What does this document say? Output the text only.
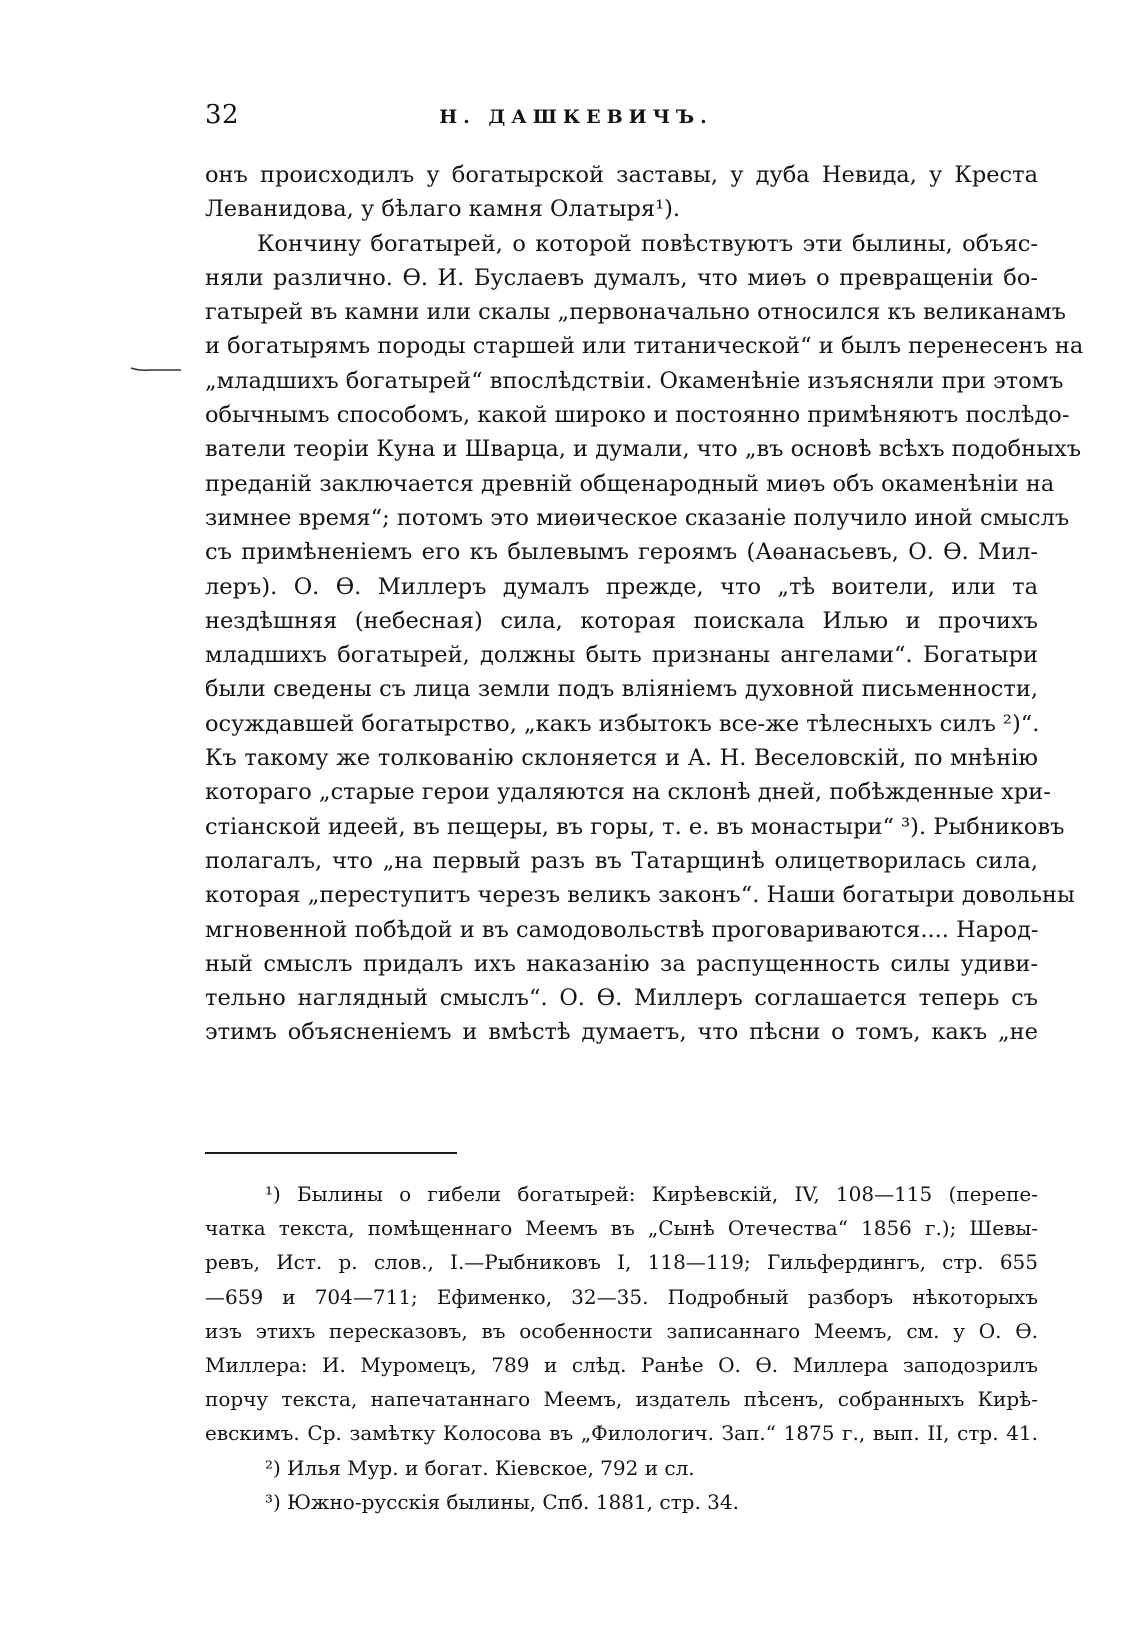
32	Н. ДАШКЕВИЧЪ.
онъ происходилъ у богатырской заставы, у дуба Невида, у Креста
Леванидова, у бѣлаго камня Олатыря¹).
Кончину богатырей, о которой повѣствуютъ эти былины, объяс-
няли различно. Ѳ. И. Буслаевъ думалъ, что миѳъ о превращеніи бо-
гатырей въ камни или скалы „первоначально относился къ великанамъ
и богатырямъ породы старшей или титанической“ и былъ перенесенъ на
„младшихъ богатырей“ впослѣдствіи. Окаменѣніе изъясняли при этомъ
обычнымъ способомъ, какой широко и постоянно примѣняютъ послѣдо-
ватели теоріи Куна и Шварца, и думали, что „въ основѣ всѣхъ подобныхъ
преданій заключается древній общенародный миѳъ объ окаменѣніи на
зимнее время“; потомъ это миѳическое сказаніе получило иной смыслъ
съ примѣненіемъ его къ былевымъ героямъ (Аѳанасьевъ, О. Ѳ. Мил-
леръ). О. Ѳ. Миллеръ думалъ прежде, что „тѣ воители, или та
нездѣшняя (небесная) сила, которая поискала Илью и прочихъ
младшихъ богатырей, должны быть признаны ангелами“. Богатыри
были сведены съ лица земли подъ вліяніемъ духовной письменности,
осуждавшей богатырство, „какъ избытокъ все-же тѣлесныхъ силъ ²)“.
Къ такому же толкованію склоняется и А. Н. Веселовскій, по мнѣнію
котораго „старые герои удаляются на склонѣ дней, побѣжденные хри-
стіанской идеей, въ пещеры, въ горы, т. е. въ монастыри“ ³). Рыбниковъ
полагалъ, что „на первый разъ въ Татарщинѣ олицетворилась сила,
которая „переступитъ черезъ великъ законъ“. Наши богатыри довольны
мгновенной побѣдой и въ самодовольствѣ проговариваются.... Народ-
ный смыслъ придалъ ихъ наказанію за распущенность силы удиви-
тельно наглядный смыслъ“. О. Ѳ. Миллеръ соглашается теперь съ
этимъ объясненіемъ и вмѣстѣ думаетъ, что пѣсни о томъ, какъ „не
¹) Былины о гибели богатырей: Кирѣевскій, IV, 108—115 (перепе-
чатка текста, помѣщеннаго Меемъ въ „Сынѣ Отечества“ 1856 г.); Шевы-
ревъ, Ист. р. слов., I.—Рыбниковъ I, 118—119; Гильфердингъ, стр. 655
—659 и 704—711; Ефименко, 32—35. Подробный разборъ нѣкоторыхъ
изъ этихъ пересказовъ, въ особенности записаннаго Меемъ, см. у О. Ѳ.
Миллера: И. Муромецъ, 789 и слѣд. Ранѣе О. Ѳ. Миллера заподозрилъ
порчу текста, напечатаннаго Меемъ, издатель пѣсенъ, собранныхъ Кирѣ-
евскимъ. Ср. замѣтку Колосова въ „Филологич. Зап.“ 1875 г., вып. II, стр. 41.
²) Илья Мур. и богат. Кіевское, 792 и сл.
³) Южно-русскія былины, Спб. 1881, стр. 34.
